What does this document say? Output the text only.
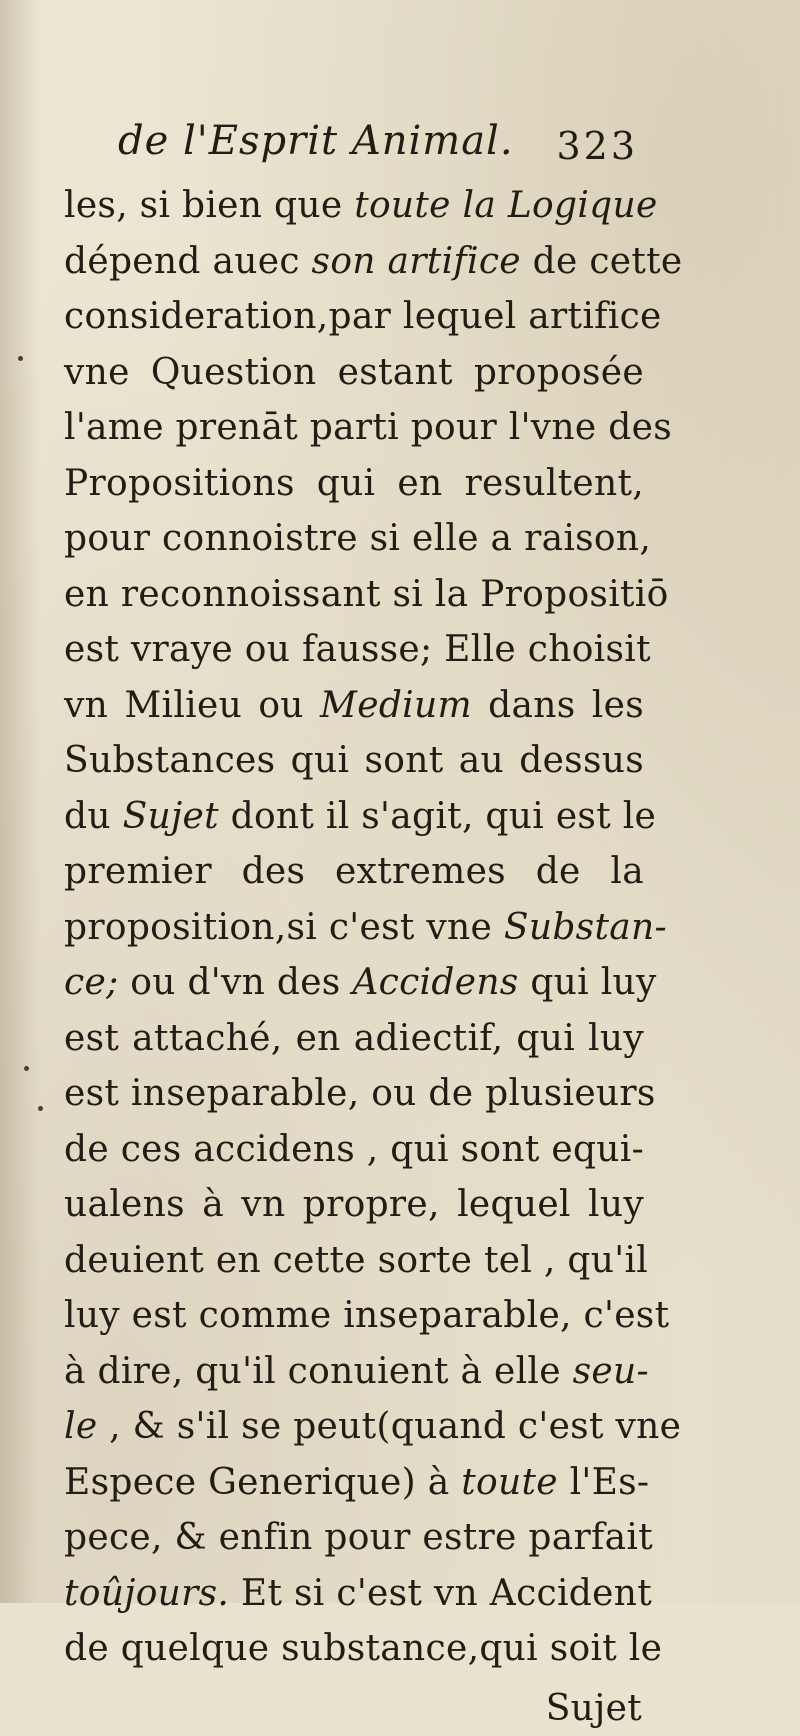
de l'Esprit Animal. 323
les, si bien que toute la Logique
dépend auec son artifice de cette
consideration,par lequel artifice
vne Question estant proposée
l'ame prenāt parti pour l'vne des
Propositions qui en resultent,
pour connoistre si elle a raison,
en reconnoissant si la Propositiō
est vraye ou fausse; Elle choisit
vn Milieu ou Medium dans les
Substances qui sont au dessus
du Sujet dont il s'agit, qui est le
premier des extremes de la
proposition,si c'est vne Substan-
ce; ou d'vn des Accidens qui luy
est attaché, en adiectif, qui luy
est inseparable, ou de plusieurs
de ces accidens , qui sont equi-
ualens à vn propre, lequel luy
deuient en cette sorte tel , qu'il
luy est comme inseparable, c'est
à dire, qu'il conuient à elle seu-
le , & s'il se peut(quand c'est vne
Espece Generique) à toute l'Es-
pece, & enfin pour estre parfait
toûjours. Et si c'est vn Accident
de quelque substance,qui soit le
Sujet
